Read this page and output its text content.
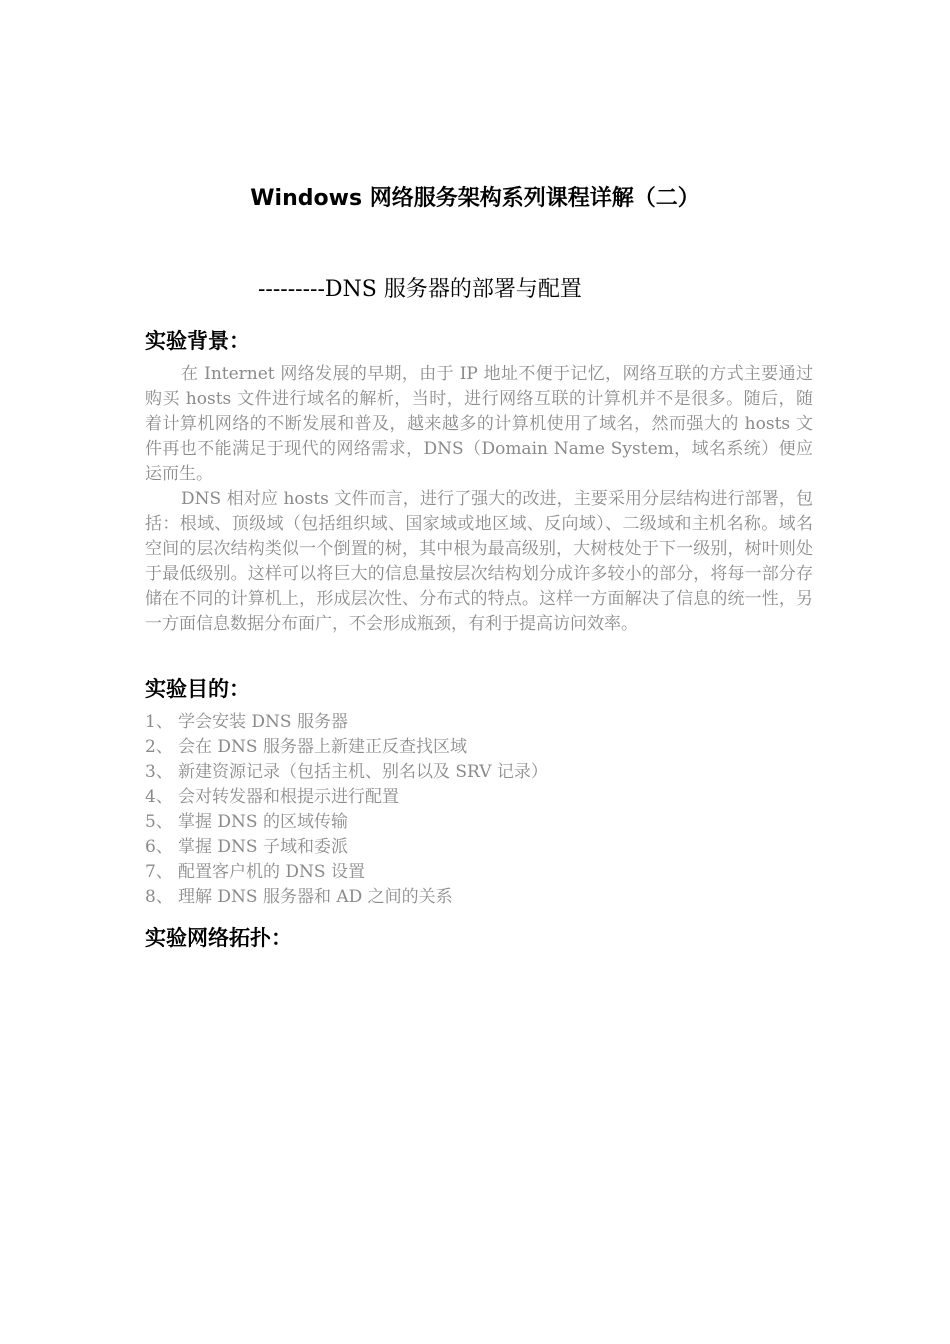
Windows 网络服务架构系列课程详解（二）
---------DNS 服务器的部署与配置
实验背景：

在 Internet 网络发展的早期，由于 IP 地址不便于记忆，网络互联的方式主要通过购买 hosts 文件进行域名的解析，当时，进行网络互联的计算机并不是很多。随后，随着计算机网络的不断发展和普及，越来越多的计算机使用了域名，然而强大的 hosts 文件再也不能满足于现代的网络需求，DNS（Domain Name System，域名系统）便应运而生。

DNS 相对应 hosts 文件而言，进行了强大的改进，主要采用分层结构进行部署，包括：根域、顶级域（包括组织域、国家域或地区域、反向域）、二级域和主机名称。域名空间的层次结构类似一个倒置的树，其中根为最高级别，大树枝处于下一级别，树叶则处于最低级别。这样可以将巨大的信息量按层次结构划分成许多较小的部分，将每一部分存储在不同的计算机上，形成层次性、分布式的特点。这样一方面解决了信息的统一性，另一方面信息数据分布面广，不会形成瓶颈，有利于提高访问效率。

实验目的：
1、 学会安装 DNS 服务器
2、 会在 DNS 服务器上新建正反查找区域
3、 新建资源记录（包括主机、别名以及 SRV 记录）
4、 会对转发器和根提示进行配置
5、 掌握 DNS 的区域传输
6、 掌握 DNS 子域和委派
7、 配置客户机的 DNS 设置
8、 理解 DNS 服务器和 AD 之间的关系
实验网络拓扑：
